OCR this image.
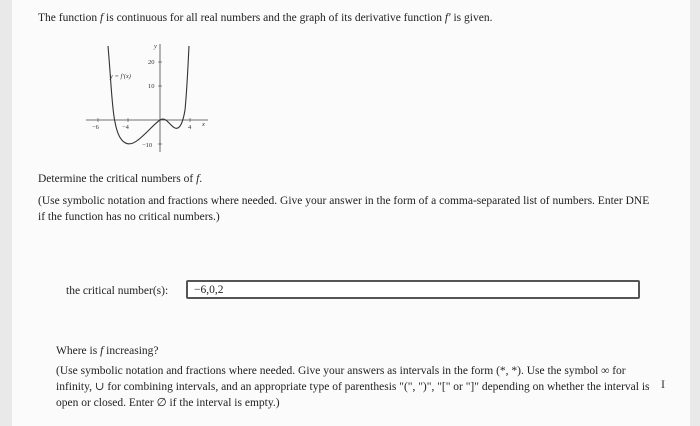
The function f is continuous for all real numbers and the graph of its derivative function f′ is given.
y
x
20
10
−10
−6	−4	4
y = f′(x)
Determine the critical numbers of f.
(Use symbolic notation and fractions where needed. Give your answer in the form of a comma-separated list of numbers. Enter DNE if the function has no critical numbers.)
the critical number(s): −6,0,2
Where is f increasing?
(Use symbolic notation and fractions where needed. Give your answers as intervals in the form (*, *). Use the symbol ∞ for infinity, ∪ for combining intervals, and an appropriate type of parenthesis "(", ")", "[" or "]" depending on whether the interval is open or closed. Enter ∅ if the interval is empty.)
I
